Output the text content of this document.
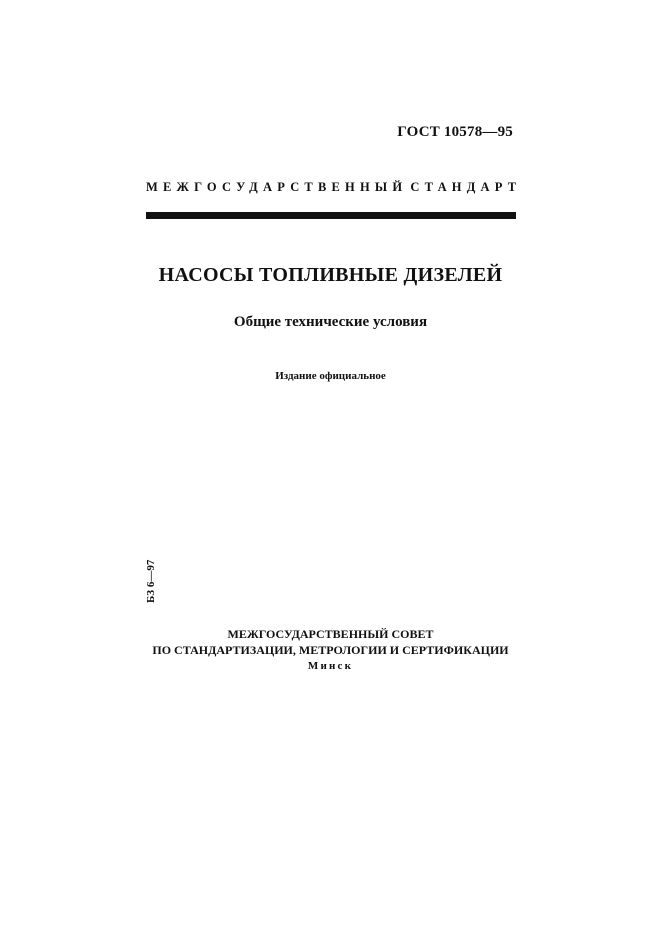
ГОСТ 10578—95
МЕЖГОСУДАРСТВЕННЫЙ СТАНДАРТ
НАСОСЫ ТОПЛИВНЫЕ ДИЗЕЛЕЙ
Общие технические условия
Издание официальное
БЗ 6—97
МЕЖГОСУДАРСТВЕННЫЙ СОВЕТ
ПО СТАНДАРТИЗАЦИИ, МЕТРОЛОГИИ И СЕРТИФИКАЦИИ
Минск
